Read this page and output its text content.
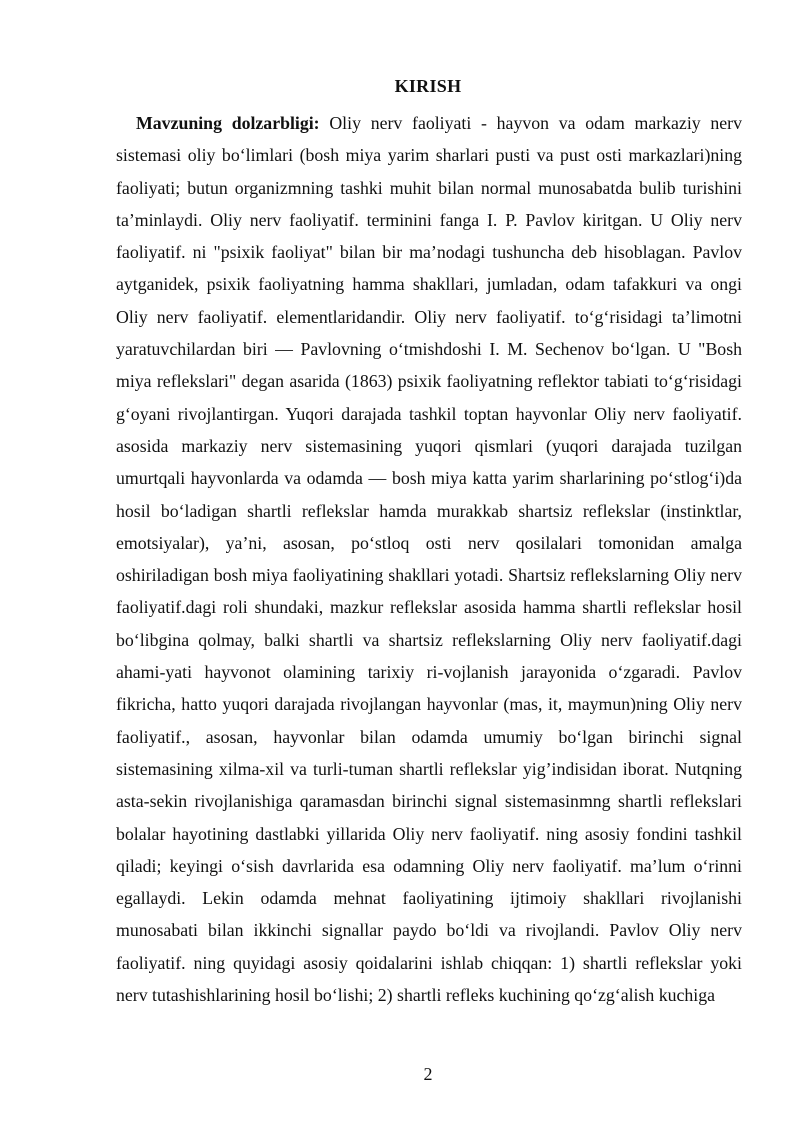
KIRISH

Mavzuning dolzarbligi: Oliy nerv faoliyati - hayvon va odam markaziy nerv sistemasi oliy boʻlimlari (bosh miya yarim sharlari pusti va pust osti markazlari)ning faoliyati; butun organizmning tashki muhit bilan normal munosabatda bulib turishini taʼminlaydi. Oliy nerv faoliyatif. terminini fanga I. P. Pavlov kiritgan. U Oliy nerv faoliyatif. ni "psixik faoliyat" bilan bir maʼnodagi tushuncha deb hisoblagan. Pavlov aytganidek, psixik faoliyatning hamma shakllari, jumladan, odam tafakkuri va ongi Oliy nerv faoliyatif. elementlaridandir. Oliy nerv faoliyatif. toʻgʻrisidagi taʼlimotni yaratuvchilardan biri — Pavlovning oʻtmishdoshi I. M. Sechenov boʻlgan. U "Bosh miya reflekslari" degan asarida (1863) psixik faoliyatning reflektor tabiati toʻgʻrisidagi gʻoyani rivojlantirgan. Yuqori darajada tashkil toptan hayvonlar Oliy nerv faoliyatif. asosida markaziy nerv sistemasining yuqori qismlari (yuqori darajada tuzilgan umurtqali hayvonlarda va odamda — bosh miya katta yarim sharlarining poʻstlogʻi)da hosil boʻladigan shartli reflekslar hamda murakkab shartsiz reflekslar (instinktlar, emotsiyalar), yaʼni, asosan, poʻstloq osti nerv qosilalari tomonidan amalga oshiriladigan bosh miya faoliyatining shakllari yotadi. Shartsiz reflekslarning Oliy nerv faoliyatif.dagi roli shundaki, mazkur reflekslar asosida hamma shartli reflekslar hosil boʻlibgina qolmay, balki shartli va shartsiz reflekslarning Oliy nerv faoliyatif.dagi ahami-yati hayvonot olamining tarixiy ri-vojlanish jarayonida oʻzgaradi. Pavlov fikricha, hatto yuqori darajada rivojlangan hayvonlar (mas, it, maymun)ning Oliy nerv faoliyatif., asosan, hayvonlar bilan odamda umumiy boʻlgan birinchi signal sistemasining xilma-xil va turli-tuman shartli reflekslar yigʼindisidan iborat. Nutqning asta-sekin rivojlanishiga qaramasdan birinchi signal sistemasinmng shartli reflekslari bolalar hayotining dastlabki yillarida Oliy nerv faoliyatif. ning asosiy fondini tashkil qiladi; keyingi oʻsish davrlarida esa odamning Oliy nerv faoliyatif. maʼlum oʻrinni egallaydi. Lekin odamda mehnat faoliyatining ijtimoiy shakllari rivojlanishi munosabati bilan ikkinchi signallar paydo boʻldi va rivojlandi. Pavlov Oliy nerv faoliyatif. ning quyidagi asosiy qoidalarini ishlab chiqqan: 1) shartli reflekslar yoki nerv tutashishlarining hosil boʻlishi; 2) shartli refleks kuchining qoʻzgʻalish kuchiga

2
